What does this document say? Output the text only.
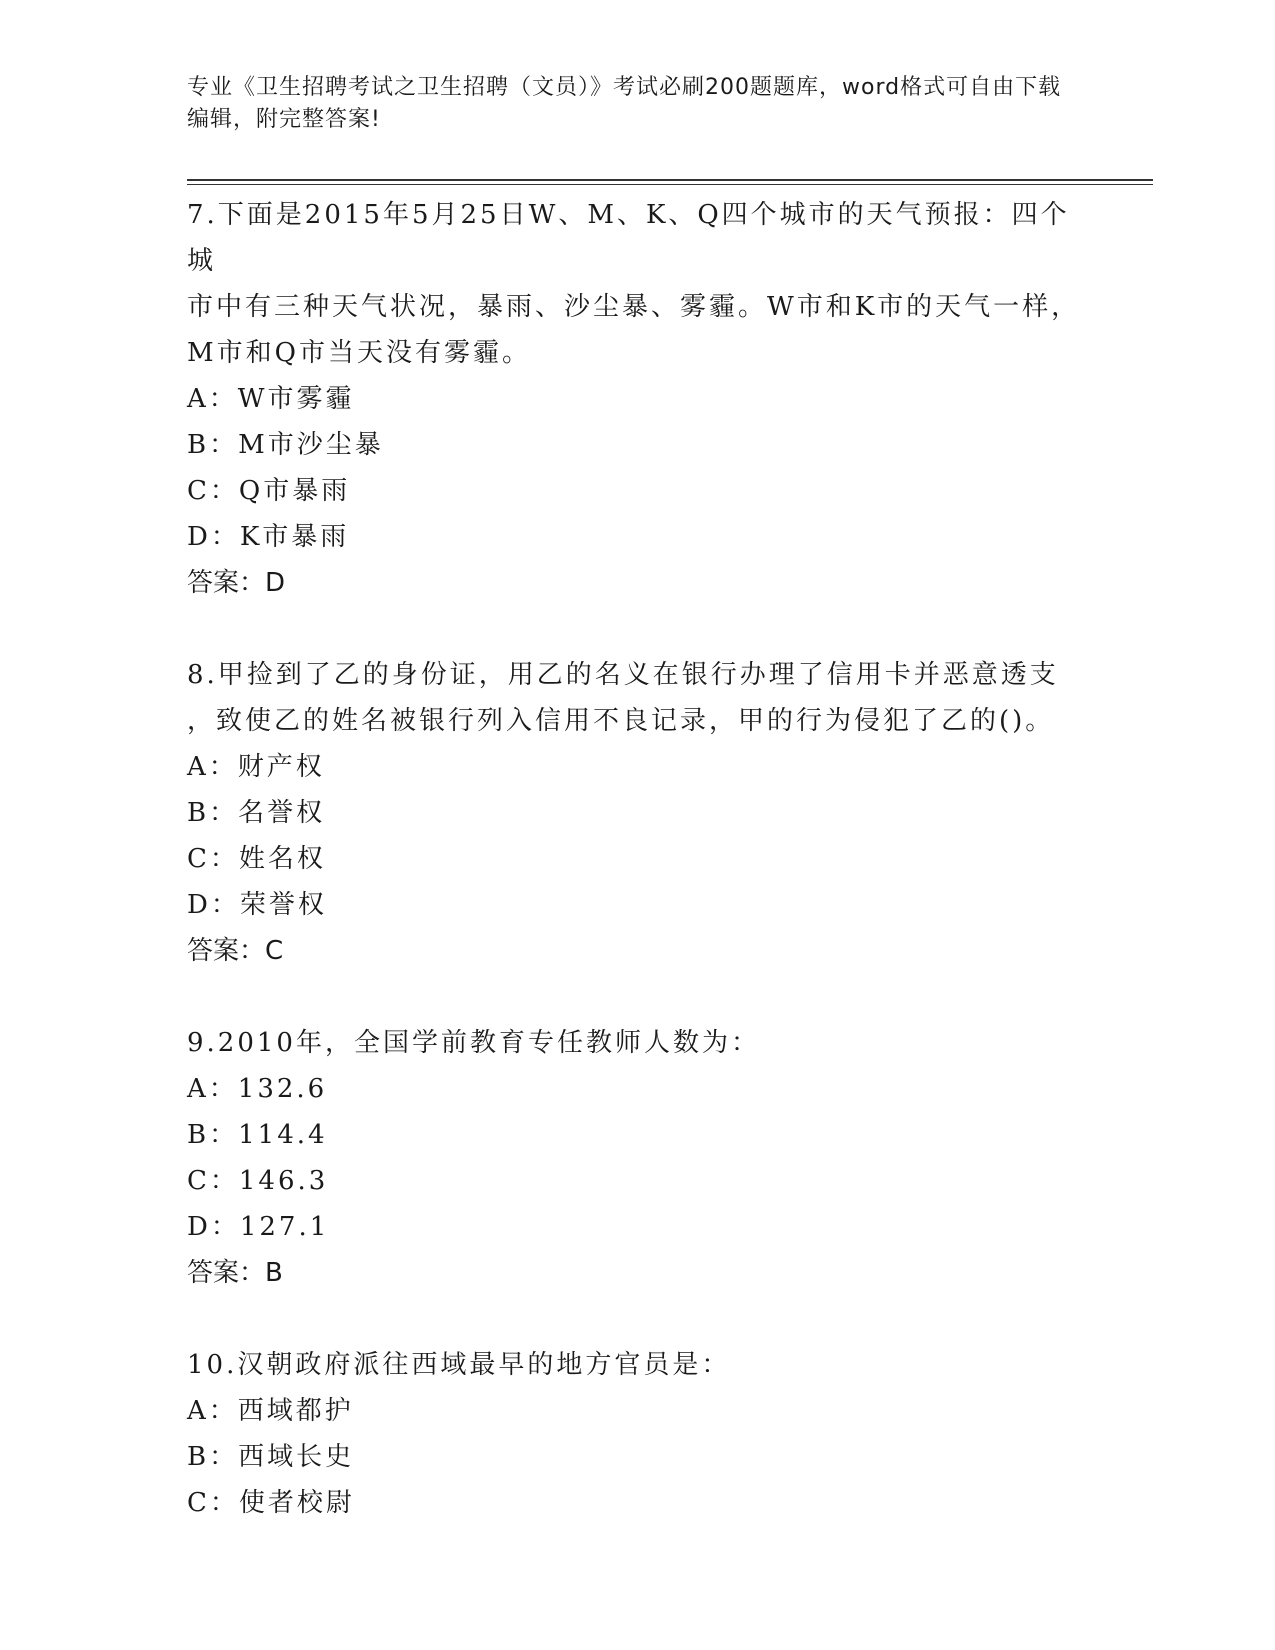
专业《卫生招聘考试之卫生招聘（文员）》考试必刷200题题库，word格式可自由下载编辑，附完整答案!

7.下面是2015年5月25日W、M、K、Q四个城市的天气预报：四个城

市中有三种天气状况，暴雨、沙尘暴、雾霾。W市和K市的天气一样，

M市和Q市当天没有雾霾。

A：W市雾霾

B：M市沙尘暴

C：Q市暴雨

D：K市暴雨

答案：D

8.甲捡到了乙的身份证，用乙的名义在银行办理了信用卡并恶意透支

，致使乙的姓名被银行列入信用不良记录，甲的行为侵犯了乙的()。

A：财产权

B：名誉权

C：姓名权

D：荣誉权

答案：C

9.2010年，全国学前教育专任教师人数为：

A：132.6

B：114.4

C：146.3

D：127.1

答案：B

10.汉朝政府派往西域最早的地方官员是：

A：西域都护

B：西域长史

C：使者校尉
